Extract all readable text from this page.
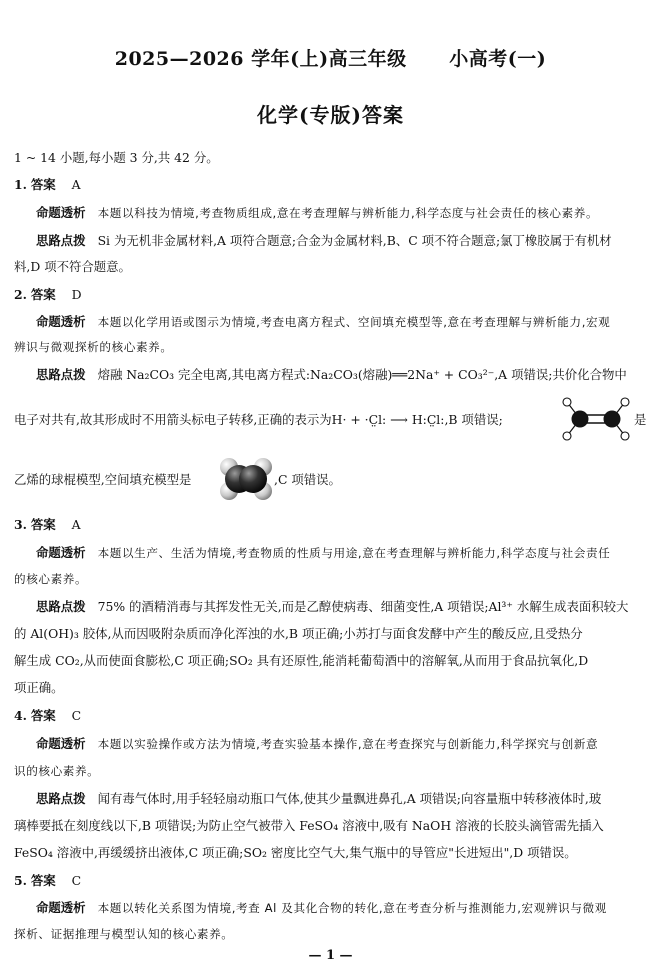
2025—2026 学年(上)高三年级      小高考(一)
化学(专版)答案
1 ~ 14 小题,每小题 3 分,共 42 分。
1. 答案 A
命题透析 本题以科技为情境,考查物质组成,意在考查理解与辨析能力,科学态度与社会责任的核心素养。
思路点拨 Si 为无机非金属材料,A 项符合题意;合金为金属材料,B、C 项不符合题意;氯丁橡胶属于有机材
料,D 项不符合题意。
2. 答案 D
命题透析 本题以化学用语或图示为情境,考查电离方程式、空间填充模型等,意在考查理解与辨析能力,宏观
辨识与微观探析的核心素养。
思路点拨 熔融 Na₂CO₃ 完全电离,其电离方程式:Na₂CO₃(熔融)══2Na⁺ + CO₃²⁻,A 项错误;共价化合物中
电子对共有,故其形成时不用箭头标电子转移,正确的表示为H· + ·C̤l: ⟶ H:C̤l:,B 项错误;	是
乙烯的球棍模型,空间填充模型是	,C 项错误。
3. 答案 A
命题透析 本题以生产、生活为情境,考查物质的性质与用途,意在考查理解与辨析能力,科学态度与社会责任
的核心素养。
思路点拨 75% 的酒精消毒与其挥发性无关,而是乙醇使病毒、细菌变性,A 项错误;Al³⁺ 水解生成表面积较大
的 Al(OH)₃ 胶体,从而因吸附杂质而净化浑浊的水,B 项正确;小苏打与面食发酵中产生的酸反应,且受热分
解生成 CO₂,从而使面食膨松,C 项正确;SO₂ 具有还原性,能消耗葡萄酒中的溶解氧,从而用于食品抗氧化,D
项正确。
4. 答案 C
命题透析 本题以实验操作或方法为情境,考查实验基本操作,意在考查探究与创新能力,科学探究与创新意
识的核心素养。
思路点拨 闻有毒气体时,用手轻轻扇动瓶口气体,使其少量飘进鼻孔,A 项错误;向容量瓶中转移液体时,玻
璃棒要抵在刻度线以下,B 项错误;为防止空气被带入 FeSO₄ 溶液中,吸有 NaOH 溶液的长胶头滴管需先插入
FeSO₄ 溶液中,再缓缓挤出液体,C 项正确;SO₂ 密度比空气大,集气瓶中的导管应"长进短出",D 项错误。
5. 答案 C
命题透析 本题以转化关系图为情境,考查 Al 及其化合物的转化,意在考查分析与推测能力,宏观辨识与微观
探析、证据推理与模型认知的核心素养。
— 1 —
